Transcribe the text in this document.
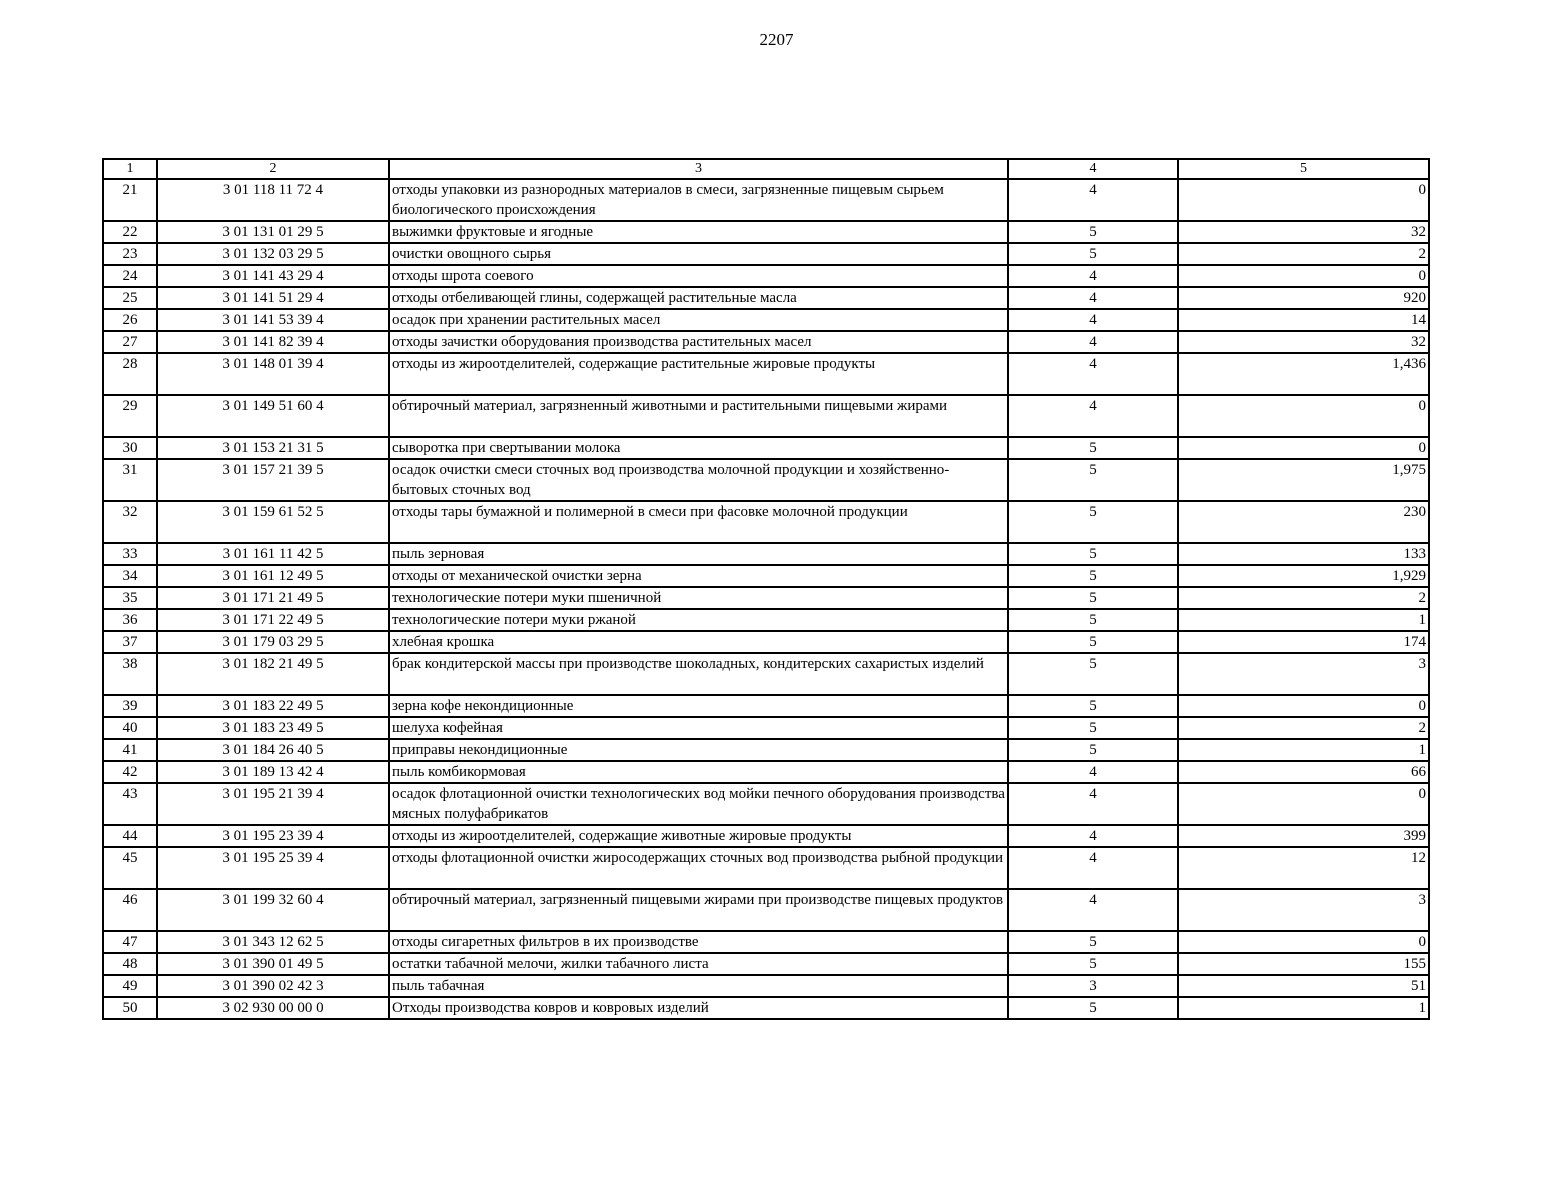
2207
1	2	3	4	5
21	3 01 118 11 72 4	отходы упаковки из разнородных материалов в смеси, загрязненные пищевым сырьем биологического происхождения	4	0
22	3 01 131 01 29 5	выжимки фруктовые и ягодные	5	32
23	3 01 132 03 29 5	очистки овощного сырья	5	2
24	3 01 141 43 29 4	отходы шрота соевого	4	0
25	3 01 141 51 29 4	отходы отбеливающей глины, содержащей растительные масла	4	920
26	3 01 141 53 39 4	осадок при хранении растительных масел	4	14
27	3 01 141 82 39 4	отходы зачистки оборудования производства растительных масел	4	32
28	3 01 148 01 39 4	отходы из жироотделителей, содержащие растительные жировые продукты	4	1,436
29	3 01 149 51 60 4	обтирочный материал, загрязненный животными и растительными пищевыми жирами	4	0
30	3 01 153 21 31 5	сыворотка при свертывании молока	5	0
31	3 01 157 21 39 5	осадок очистки смеси сточных вод производства молочной продукции и хозяйственно-бытовых сточных вод	5	1,975
32	3 01 159 61 52 5	отходы тары бумажной и полимерной в смеси при фасовке молочной продукции	5	230
33	3 01 161 11 42 5	пыль зерновая	5	133
34	3 01 161 12 49 5	отходы от механической очистки зерна	5	1,929
35	3 01 171 21 49 5	технологические потери муки пшеничной	5	2
36	3 01 171 22 49 5	технологические потери муки ржаной	5	1
37	3 01 179 03 29 5	хлебная крошка	5	174
38	3 01 182 21 49 5	брак кондитерской массы при производстве шоколадных, кондитерских сахаристых изделий	5	3
39	3 01 183 22 49 5	зерна кофе некондиционные	5	0
40	3 01 183 23 49 5	шелуха кофейная	5	2
41	3 01 184 26 40 5	приправы некондиционные	5	1
42	3 01 189 13 42 4	пыль комбикормовая	4	66
43	3 01 195 21 39 4	осадок флотационной очистки технологических вод мойки печного оборудования производства мясных полуфабрикатов	4	0
44	3 01 195 23 39 4	отходы из жироотделителей, содержащие животные жировые продукты	4	399
45	3 01 195 25 39 4	отходы флотационной очистки жиросодержащих сточных вод производства рыбной продукции	4	12
46	3 01 199 32 60 4	обтирочный материал, загрязненный пищевыми жирами при производстве пищевых продуктов	4	3
47	3 01 343 12 62 5	отходы сигаретных фильтров в их производстве	5	0
48	3 01 390 01 49 5	остатки табачной мелочи, жилки табачного листа	5	155
49	3 01 390 02 42 3	пыль табачная	3	51
50	3 02 930 00 00 0	Отходы производства ковров и ковровых изделий	5	1
